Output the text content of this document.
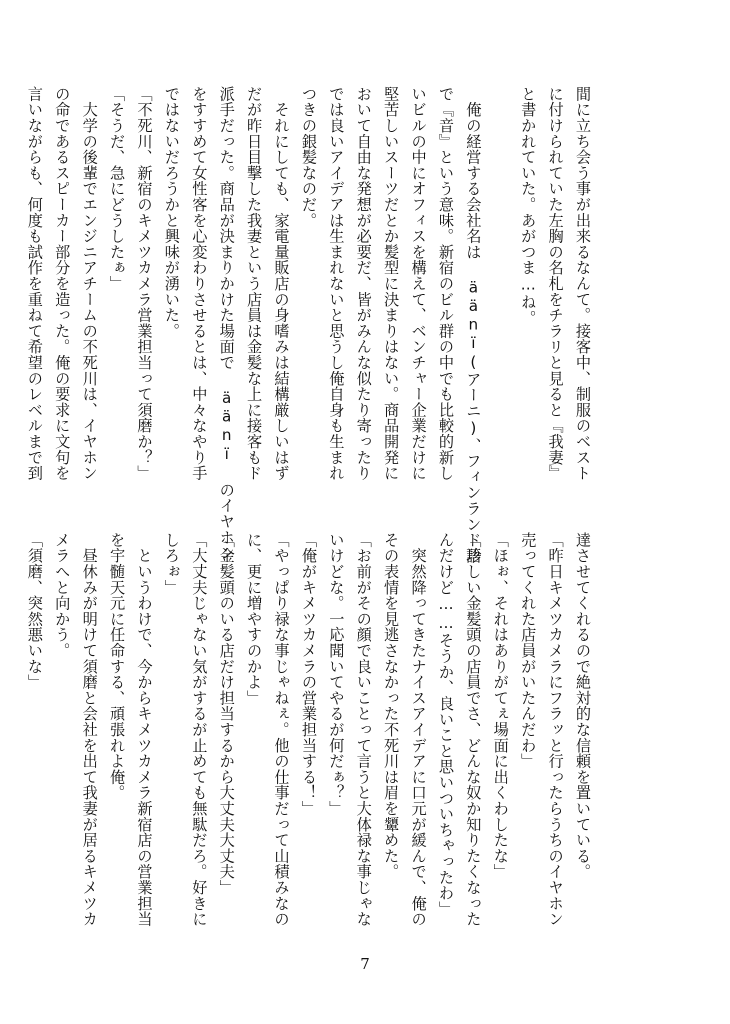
間に立ち会う事が出来るなんて。接客中、制服のベスト
に付けられていた左胸の名札をチラリと見ると『我妻』
と書かれていた。あがつま…ね。

　俺の経営する会社名は äänï(アーニ)、フィンランド語
で『音』という意味。新宿のビル群の中でも比較的新し
いビルの中にオフィスを構えて、ベンチャー企業だけに
堅苦しいスーツだとか髪型に決まりはない。商品開発に
おいて自由な発想が必要だ、皆がみんな似たり寄ったり
では良いアイデアは生まれないと思うし俺自身も生まれ
つきの銀髪なのだ。
　それにしても、家電量販店の身嗜みは結構厳しいはず
だが昨日目撃した我妻という店員は金髪な上に接客もド
派手だった。商品が決まりかけた場面で äänï のイヤホン
をすすめて女性客を心変わりさせるとは、中々なやり手
ではないだろうかと興味が湧いた。
「不死川、新宿のキメツカメラ営業担当って須磨か？」
「そうだ、急にどうしたぁ」
　大学の後輩でエンジニアチームの不死川は、イヤホン
の命であるスピーカー部分を造った。俺の要求に文句を
言いながらも、何度も試作を重ねて希望のレベルまで到
達させてくれるので絶対的な信頼を置いている。
「昨日キメツカメラにフラッと行ったらうちのイヤホン
売ってくれた店員がいたんだわ」
「ほぉ、それはありがてぇ場面に出くわしたな」
「珍しい金髪頭の店員でさ、どんな奴か知りたくなった
んだけど……そうか、良いこと思いついちゃったわ」
　突然降ってきたナイスアイデアに口元が緩んで、俺の
その表情を見逃さなかった不死川は眉を顰めた。
「お前がその顔で良いことって言うと大体禄な事じゃな
いけどな。一応聞いてやるが何だぁ？」
「俺がキメツカメラの営業担当する！」
「やっぱり禄な事じゃねぇ。他の仕事だって山積みなの
に、更に増やすのかよ」
「金髪頭のいる店だけ担当するから大丈夫大丈夫」
「大丈夫じゃない気がするが止めても無駄だろ。好きに
しろぉ」
　というわけで、今からキメツカメラ新宿店の営業担当
を宇髄天元に任命する、頑張れよ俺。
　昼休みが明けて須磨と会社を出て我妻が居るキメツカ
メラへと向かう。
「須磨、突然悪いな」
7
